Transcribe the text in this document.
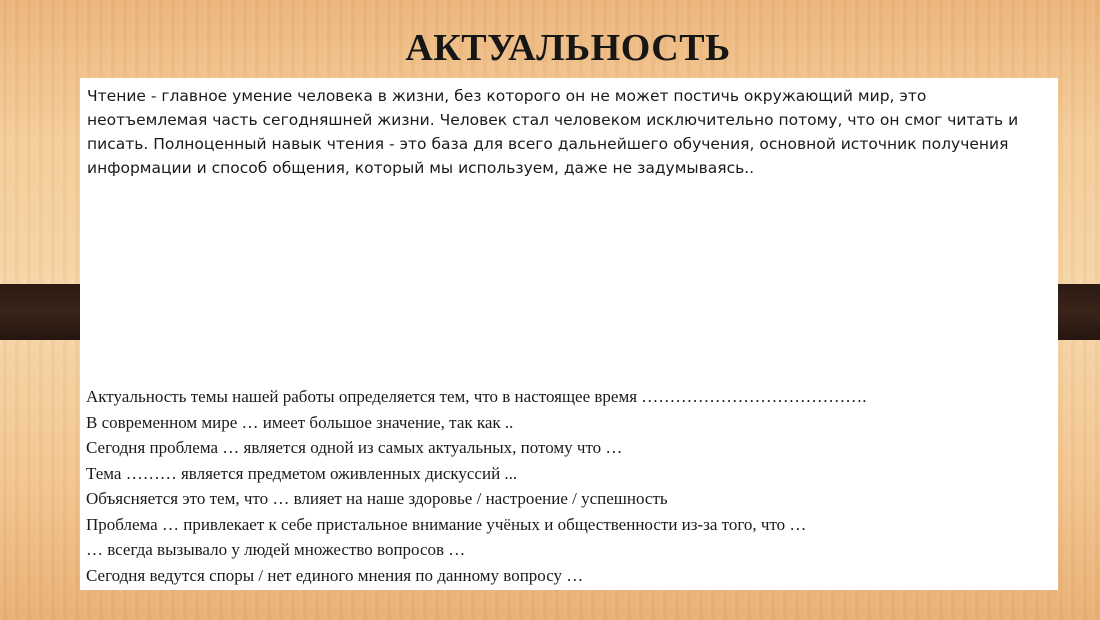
АКТУАЛЬНОСТЬ

Чтение - главное умение человека в жизни, без которого он не может постичь окружающий мир, это неотъемлемая часть сегодняшней жизни. Человек стал человеком исключительно потому, что он смог читать и писать. Полноценный навык чтения - это база для всего дальнейшего обучения, основной источник получения информации и способ общения, который мы используем, даже не задумываясь..

Актуальность темы нашей работы определяется тем, что в настоящее время ………………………………….
В современном мире … имеет большое значение, так как ..
Сегодня проблема … является одной из самых актуальных, потому что …
Тема ……… является предметом оживленных дискуссий ...
Объясняется это тем, что … влияет на наше здоровье / настроение / успешность
Проблема … привлекает к себе пристальное внимание учёных и общественности из-за того, что …
… всегда вызывало у людей множество вопросов …
Сегодня ведутся споры / нет единого мнения по данному вопросу …
